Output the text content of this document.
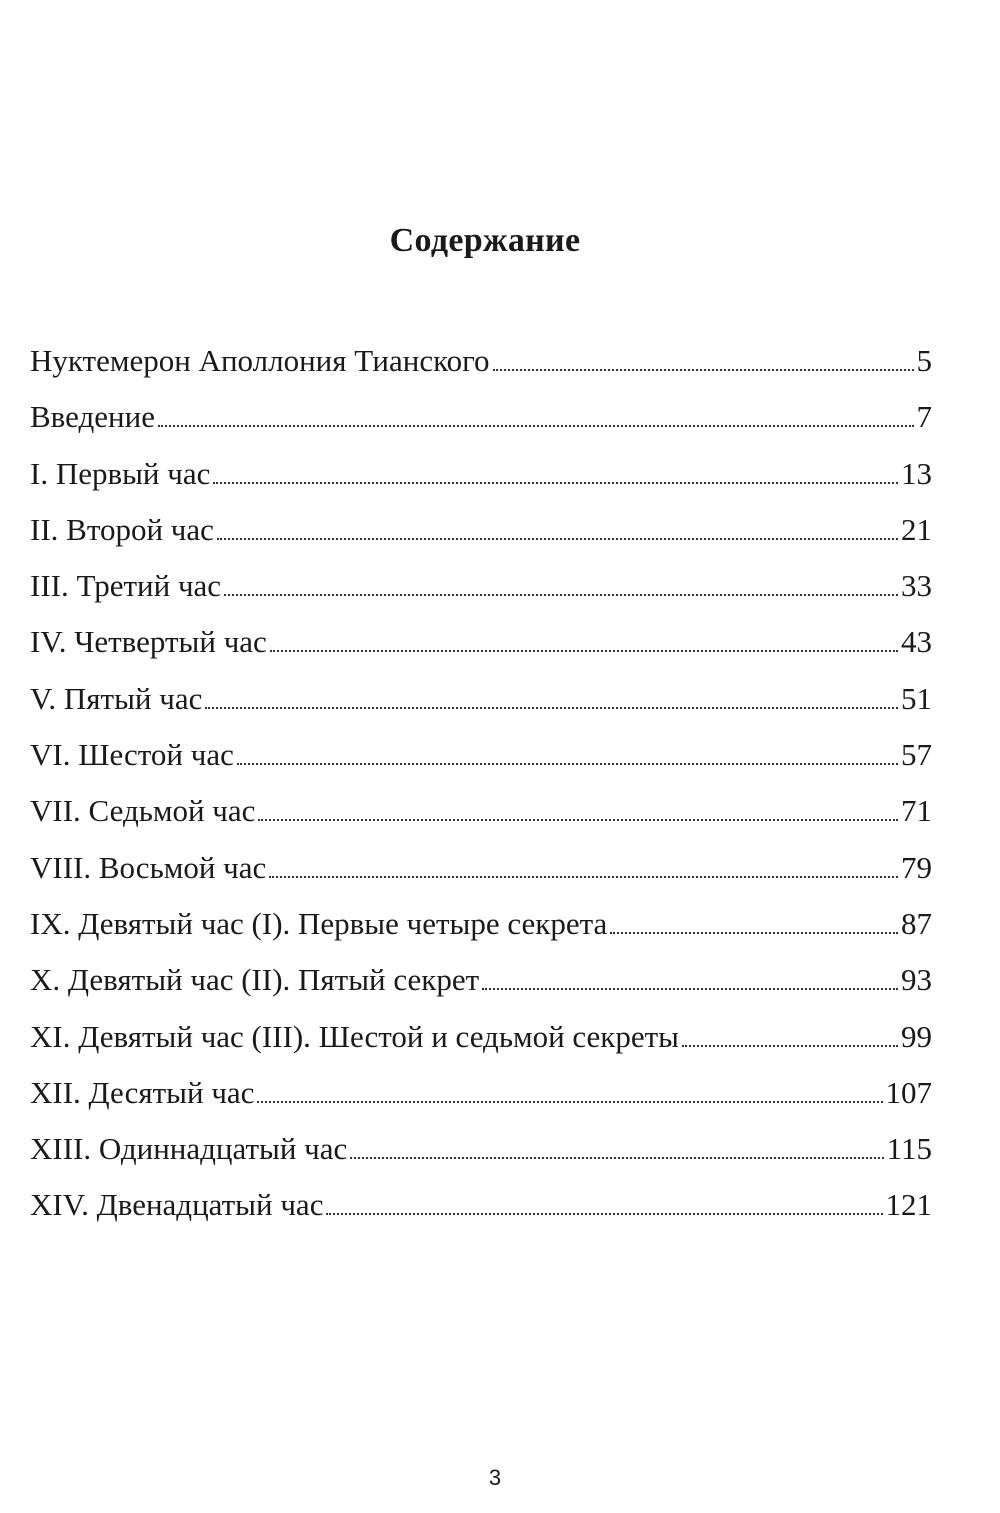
Содержание
Нуктемерон Аполлония Тианского	5
Введение	7
I. Первый час	13
II. Второй час	21
III. Третий час	33
IV. Четвертый час	43
V. Пятый час	51
VI. Шестой час	57
VII. Седьмой час	71
VIII. Восьмой час	79
IX. Девятый час (I). Первые четыре секрета	87
X. Девятый час (II). Пятый секрет	93
XI. Девятый час (III). Шестой и седьмой секреты	99
XII. Десятый час	107
XIII. Одиннадцатый час	115
XIV. Двенадцатый час	121
3
